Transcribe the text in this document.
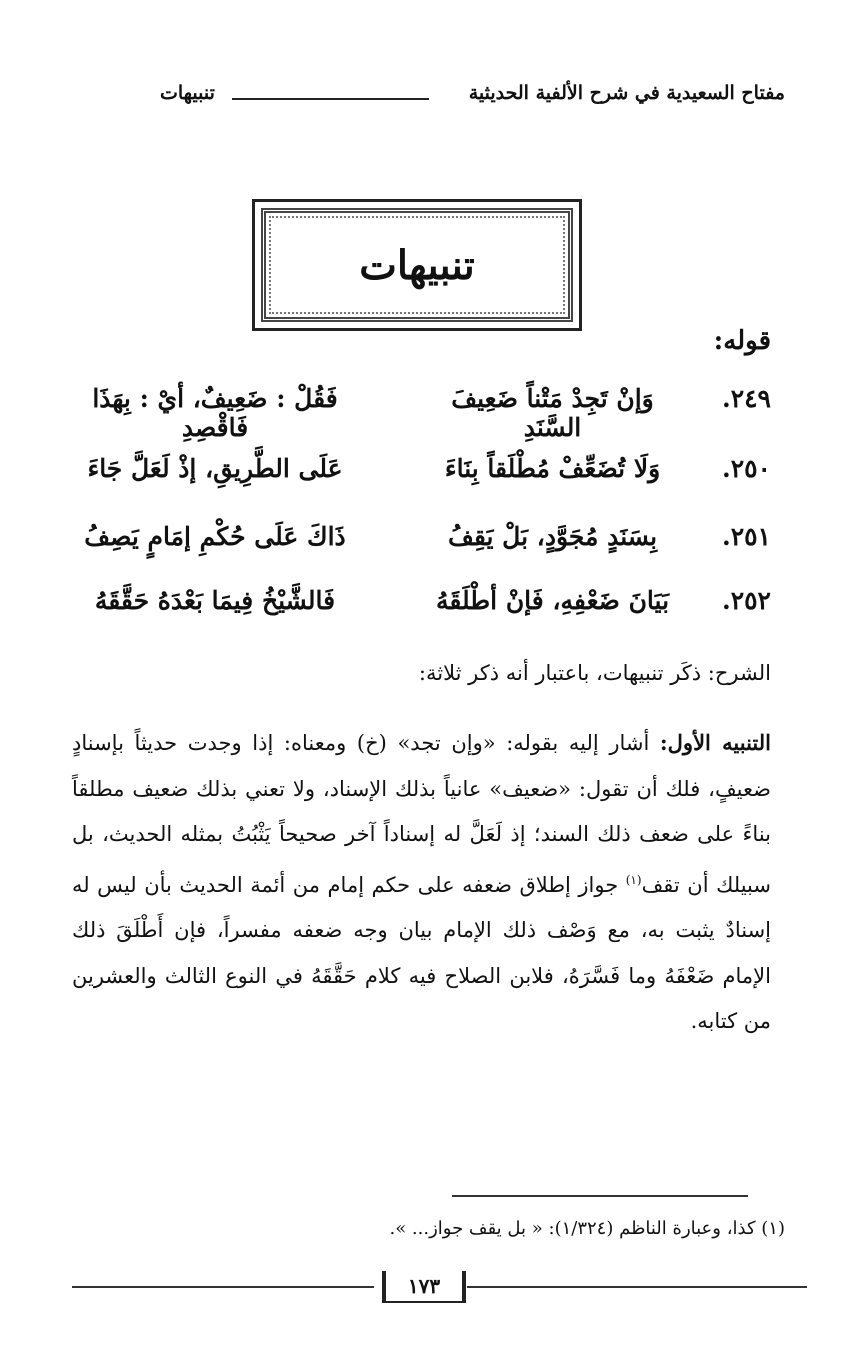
مفتاح السعيدية في شرح الألفية الحديثية
تنبيهات
تنبيهات
قوله:
٢٤٩.
وَإنْ تَجِدْ مَتْناً ضَعِيفَ السَّنَدِ
فَقُلْ : ضَعِيفٌ، أيْ : بِهَذَا فَاقْصِدِ
٢٥٠.
وَلَا تُضَعِّفْ مُطْلَقاً بِنَاءَ
عَلَى الطَّرِيقِ، إذْ لَعَلَّ جَاءَ
٢٥١.
بِسَنَدٍ مُجَوَّدٍ، بَلْ يَقِفُ
ذَاكَ عَلَى حُكْمِ إمَامٍ يَصِفُ
٢٥٢.
بَيَانَ ضَعْفِهِ، فَإنْ أطْلَقَهُ
فَالشَّيْخُ فِيمَا بَعْدَهُ حَقَّقَهُ
الشرح: ذكَر تنبيهات، باعتبار أنه ذكر ثلاثة:
التنبيه الأول: أشار إليه بقوله: «وإن تجد» (خ) ومعناه: إذا وجدت حديثاً بإسنادٍ ضعيفٍ، فلك أن تقول: «ضعيف» عانياً بذلك الإسناد، ولا تعني بذلك ضعيف مطلقاً بناءً على ضعف ذلك السند؛ إذ لَعَلَّ له إسناداً آخر صحيحاً يَثْبُتُ بمثله الحديث، بل سبيلك أن تقف$^{(١)}$ جواز إطلاق ضعفه على حكم إمام من أئمة الحديث بأن ليس له إسنادٌ يثبت به، مع وَصْف ذلك الإمام بيان وجه ضعفه مفسراً، فإن أَطْلَقَ ذلك الإمام ضَعْفَهُ وما فَسَّرَهُ، فلابن الصلاح فيه كلام حَقَّقَهُ في النوع الثالث والعشرين من كتابه.
(١) كذا، وعبارة الناظم (١/٣٢٤): « بل يقف جواز... ».
١٧٣
